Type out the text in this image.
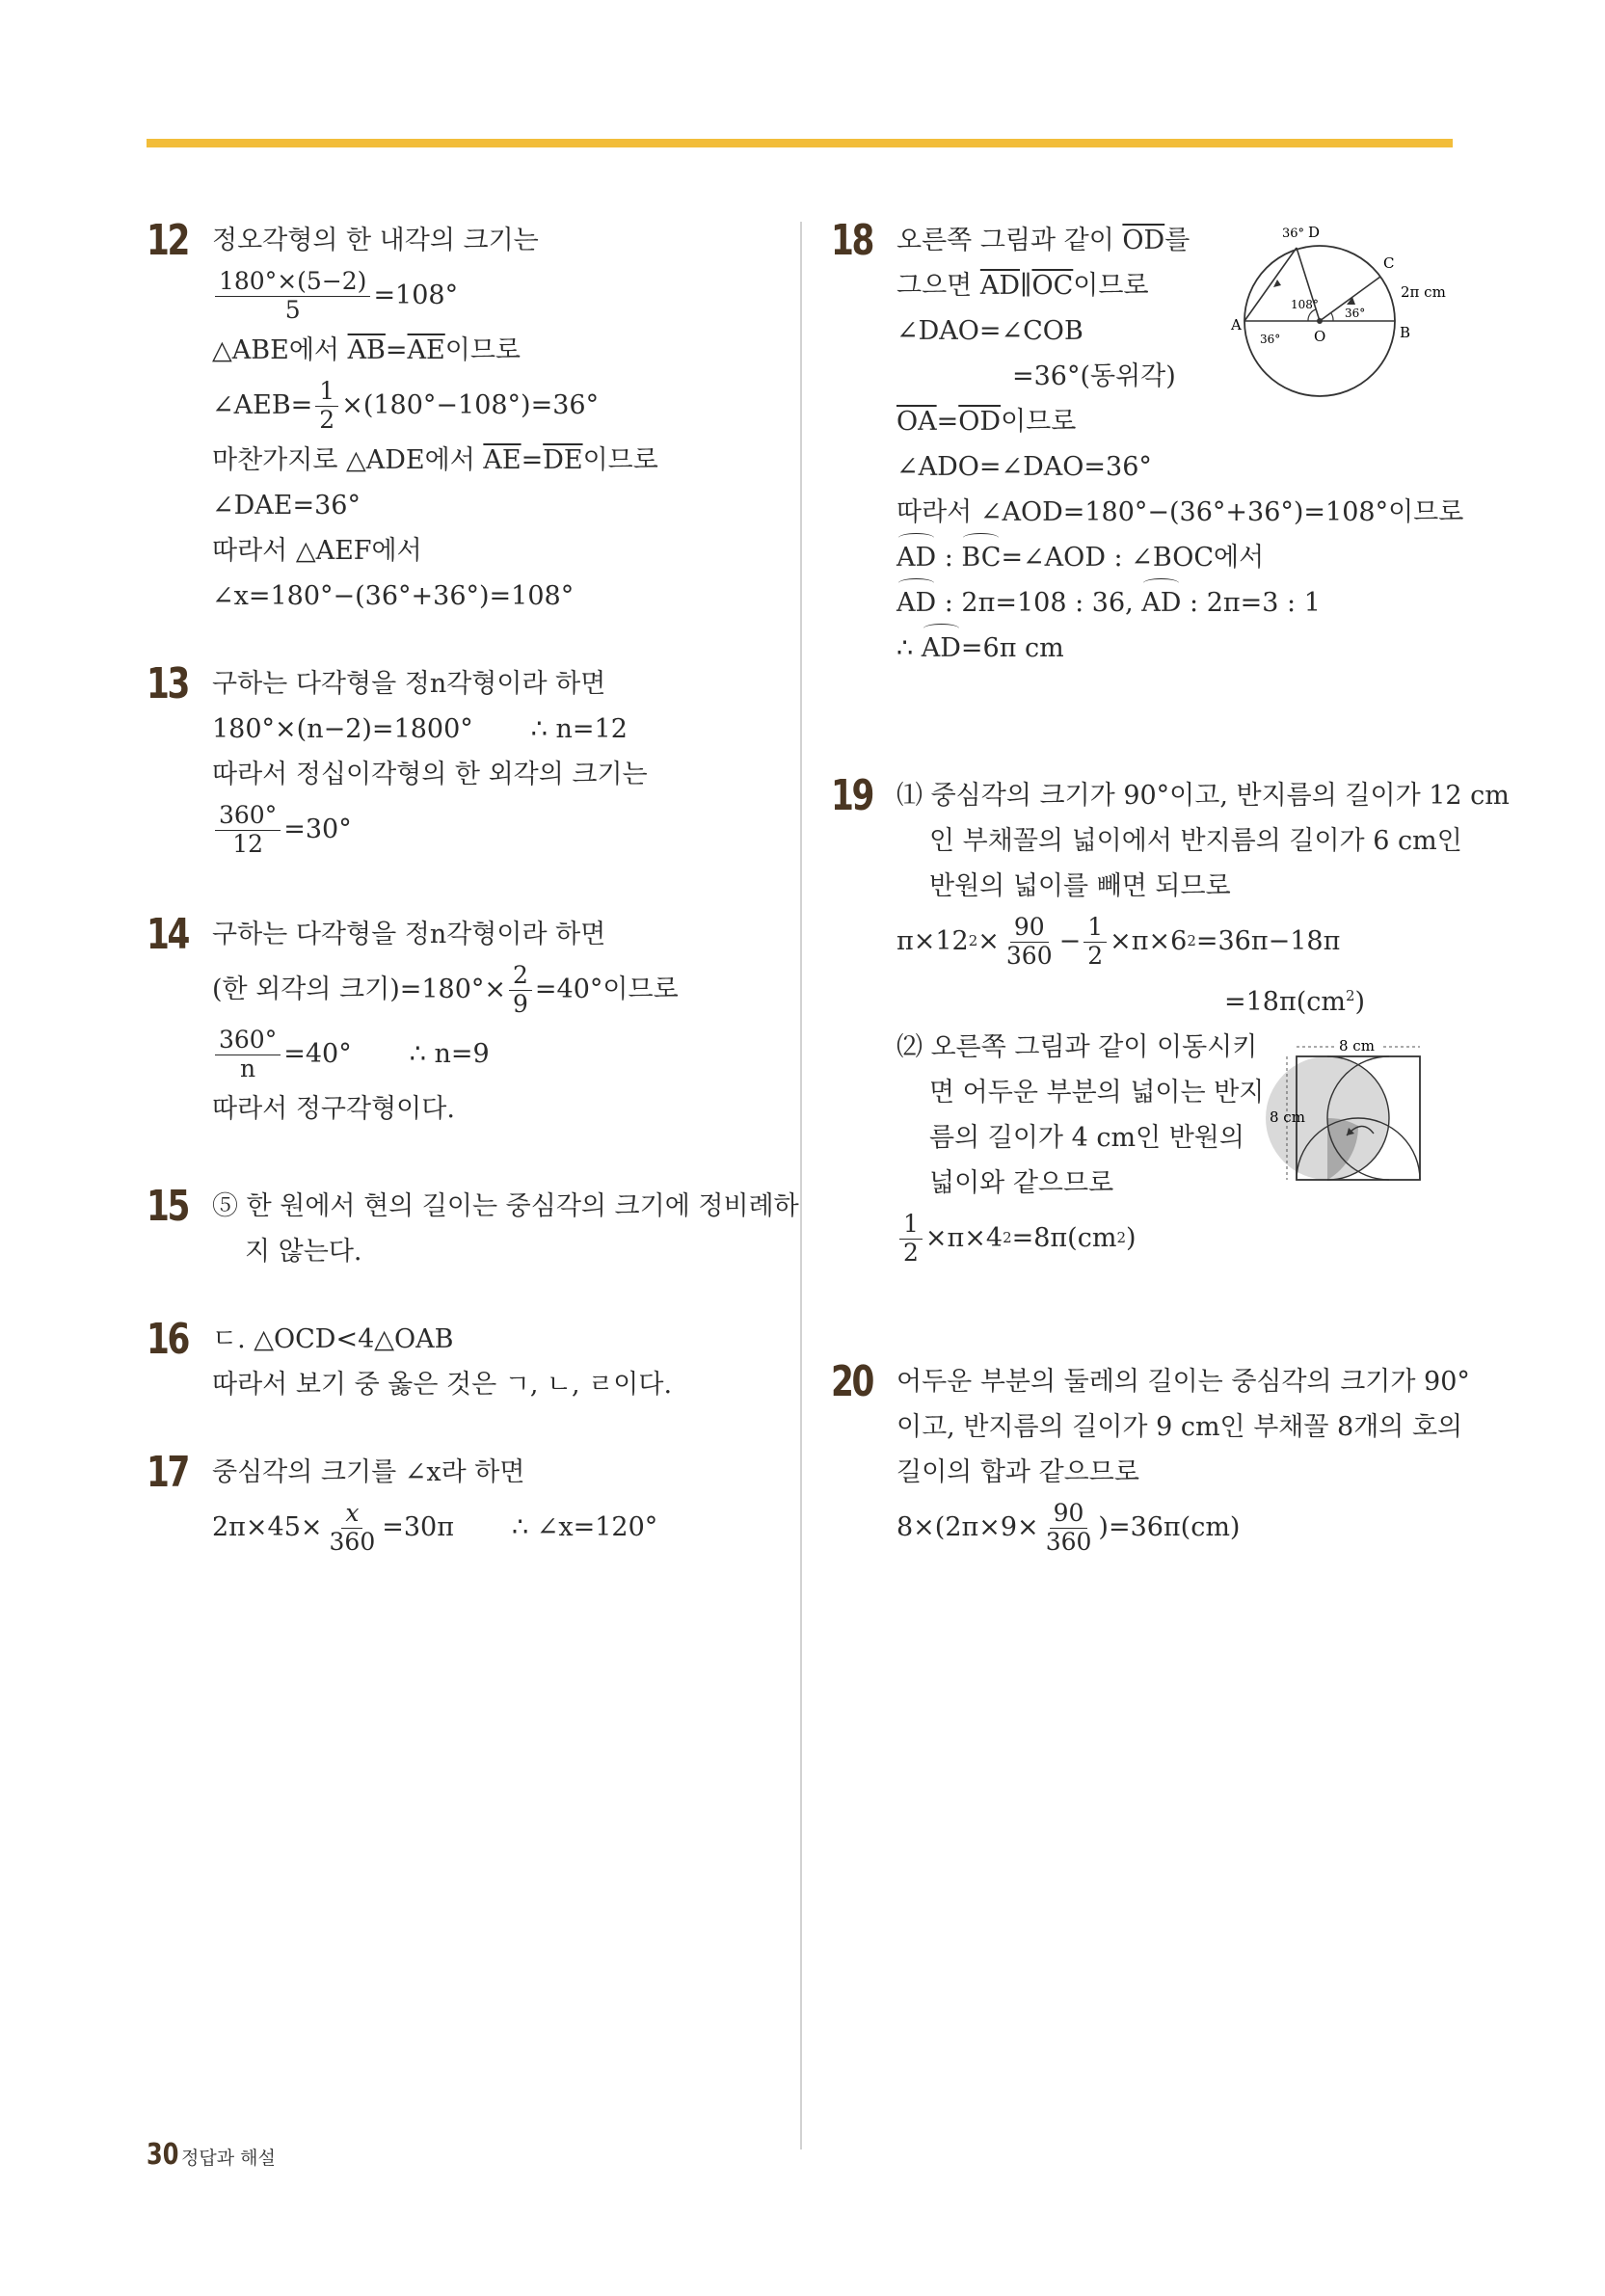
12 정오각형의 한 내각의 크기는
$\frac{180^\circ\times(5-2)}{5} =108^\circ$
△ABE에서 $\overline{AB}=\overline{AE}$이므로
∠AEB= $\frac{1}{2} \times(180^\circ-108^\circ)=36^\circ$
마찬가지로 △ADE에서 $\overline{AE}=\overline{DE}$이므로
∠DAE=36°
따라서 △AEF에서
∠x=180°−(36°+36°)=108°
13 구하는 다각형을 정n각형이라 하면
180°×(n−2)=1800° ∴ n=12
따라서 정십이각형의 한 외각의 크기는
$\frac{360^\circ}{12} =30^\circ$
14 구하는 다각형을 정n각형이라 하면
(한 외각의 크기)$=180^\circ\times \frac{2}{9} =40^\circ$이므로
$\frac{360^\circ}{n} =40^\circ$ ∴ n=9
따라서 정구각형이다.
15 ⑤ 한 원에서 현의 길이는 중심각의 크기에 정비례하
지 않는다.
16 ㄷ. △OCD<4△OAB
따라서 보기 중 옳은 것은 ㄱ, ㄴ, ㄹ이다.
17 중심각의 크기를 ∠x라 하면
$2\pi\times 45\times \frac{x}{360} =30\pi$ ∴ ∠x=120°
18 오른쪽 그림과 같이 $\overline{OD}$를
그으면 $\overline{AD}\parallel\overline{OC}$이므로
∠DAO=∠COB
=36°(동위각)
$\overline{OA}=\overline{OD}$이므로
∠ADO=∠DAO=36°
따라서 ∠AOD=180°−(36°+36°)=108°이므로
AD : BC=∠AOD : ∠BOC에서
AD : 2π=108 : 36, AD : 2π=3 : 1
∴ AD=6π cm
19 ⑴ 중심각의 크기가 90°이고, 반지름의 길이가 12 cm
인 부채꼴의 넓이에서 반지름의 길이가 6 cm인
반원의 넓이를 빼면 되므로
π×12 $2 \times \frac{90}{360} - \frac{1}{2} \times\pi\times 6$ 2 =36π−18π
$=18\pi(cm^2)$
⑵ 오른쪽 그림과 같이 이동시키
면 어두운 부분의 넓이는 반지
름의 길이가 4 cm인 반원의
넓이와 같으므로
$\frac{1}{2} \times\pi\times 4$ 2 =8π(cm 2 )
20 어두운 부분의 둘레의 길이는 중심각의 크기가 90°
이고, 반지름의 길이가 9 cm인 부채꼴 8개의 호의
길이의 합과 같으므로
$8\times(2\pi\times 9\times \frac{90}{360} )=36\pi(cm)$
D
C
A
O	B
36°
108°
36°
36°
2π cm
8 cm
8 cm
30 정답과 해설
